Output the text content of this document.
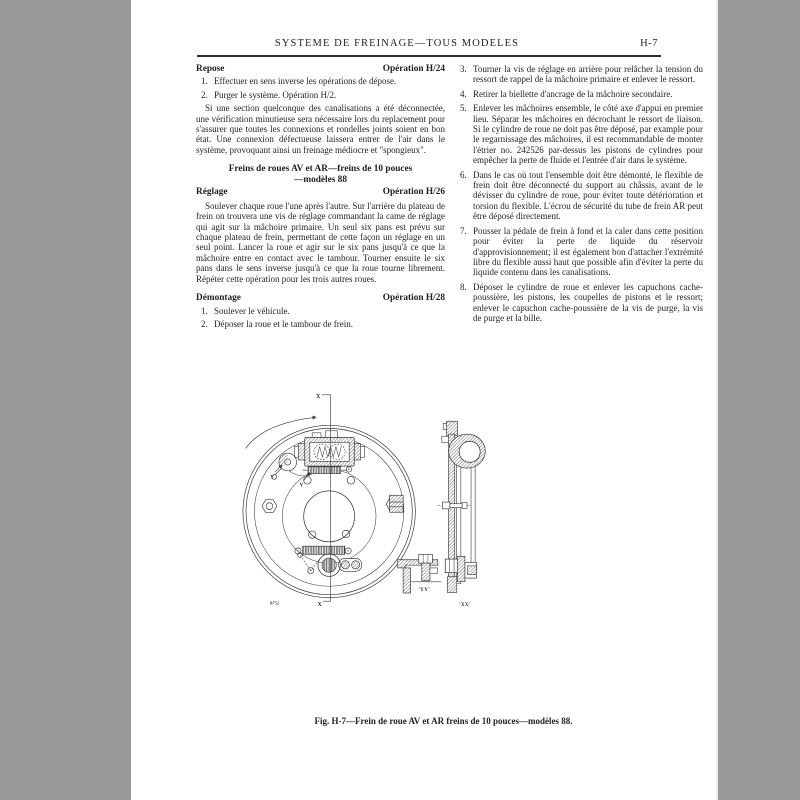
SYSTEME DE FREINAGE—TOUS MODELES	H-7
Repose	Opération H/24
1. Effectuer en sens inverse les opérations de dépose.
2. Purger le système. Opération H/2.
Si une section quelconque des canalisations a été déconnectée, une vérification minutieuse sera nécessaire lors du replacement pour s'assurer que toutes les connexions et rondelles joints soient en bon état. Une connexion défectueuse laissera entrer de l'air dans le système, provoquant ainsi un freinage médiocre et "spongieux".
Freins de roues AV et AR—freins de 10 pouces
—modèles 88
Réglage	Opération H/26
Soulever chaque roue l'une après l'autre. Sur l'arrière du plateau de frein on trouvera une vis de réglage commandant la came de réglage qui agit sur la mâchoire primaire. Un seul six pans est prévu sur chaque plateau de frein, permettant de cette façon un réglage en un seul point. Lancer la roue et agir sur le six pans jusqu'à ce que la mâchoire entre en contact avec le tambour. Tourner ensuite le six pans dans le sens inverse jusqu'à ce que la roue tourne librement. Répéter cette opération pour les trois autres roues.
Démontage	Opération H/28
1. Soulever le véhicule.
2. Déposer la roue et le tambour de frein.
3. Tourner la vis de réglage en arrière pour relâcher la tension du ressort de rappel de la mâchoire primaire et enlever le ressort.
4. Retirer la biellette d'ancrage de la mâchoire secondaire.
5. Enlever les mâchoires ensemble, le côté axe d'appui en premier lieu. Séparar les mâchoires en décrochant le ressort de liaison. Si le cylindre de roue ne doit pas être déposé, par example pour le regarnissage des mâchoires, il est recommandable de monter l'étrier no. 242526 par-dessus les pistons de cylindres pour empêcher la perte de fluide et l'entrée d'air dans le système.
6. Dans le cas où tout l'ensemble doit être démonté, le flexible de frein doit être déconnecté du support au châssis, avant de le dévisser du cylindre de roue, pour éviter toute détérioration et torsion du flexible. L'écrou de sécurité du tube de frein AR peut être déposé directement.
7. Pousser la pédale de frein à fond et la caler dans cette position pour éviter la perte de liquide du réservoir d'approvisionnement; il est également bon d'attacher l'extrémité libre du flexible aussi haut que possible afin d'éviter la perte du liquide contenu dans les canalisations.
8. Déposer le cylindre de roue et enlever les capuchons cache-poussière, les pistons, les coupelles de pistons et le ressort; enlever le capuchon cache-poussière de la vis de purge, la vis de purge et la bille.
X
X
Y
Y
'XX'
'YY'
B752
Fig. H-7—Frein de roue AV et AR freins de 10 pouces—modèles 88.
